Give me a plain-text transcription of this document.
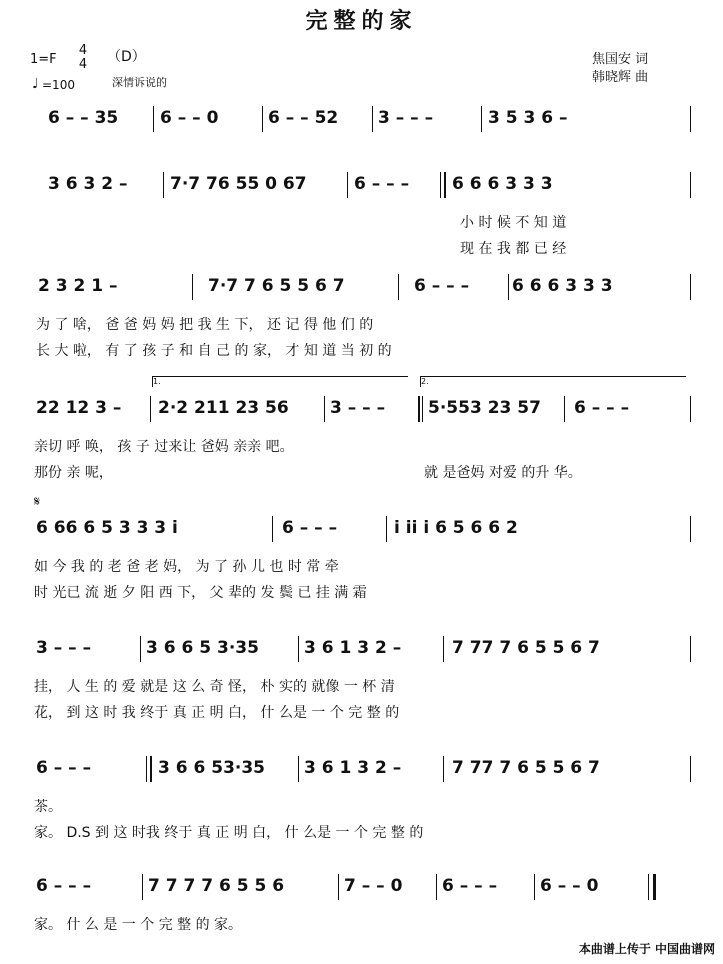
完整的家
1=F
4
4 （D）
♩ =100	深情诉说的
焦国安 词
韩晓辉 曲
6 – – 35 6 – – 0	6 – – 52 3 – – –	3 5 3 6 –
3 6 3 2 –	7·7 76 55 0 67	6 – – –	6 6 6 3 3 3
小 时 候 不 知 道
现 在 我 都 已 经
2 3 2 1 –	7·7 7 6 5 5 6 7	6 – – –	6 6 6 3 3 3
为 了 啥， 爸 爸 妈 妈 把 我 生 下， 还 记 得 他 们 的
长 大 啦， 有 了 孩 子 和 自 己 的 家， 才 知 道 当 初 的
1.	2.
22 12 3 – 2·2 211 23 56 3 – – –	5·553 23 57 6 – – –
亲切 呼 唤， 孩 子 过来让 爸妈 亲亲 吧。
那份 亲 呢，	就 是爸妈 对爱 的升 华。
𝄋
6 66 6 5 3 3 3 i	6 – – –	i ii i 6 5 6 6 2
如 今 我 的 老 爸 老 妈， 为 了 孙 儿 也 时 常 牵
时 光已 流 逝 夕 阳 西 下， 父 辈的 发 鬓 已 挂 满 霜
3 – – –	3 6 6 5 3·35	3 6 1 3 2 –	7 77 7 6 5 5 6 7
挂， 人 生 的 爱 就是 这 么 奇 怪， 朴 实的 就像 一 杯 清
花， 到 这 时 我 终于 真 正 明 白， 什 么是 一 个 完 整 的
6 – – –	3 6 6 53·35 3 6 1 3 2 –	7 77 7 6 5 5 6 7
茶。
家。 D.S 到 这 时我 终于 真 正 明 白， 什 么是 一 个 完 整 的
6 – – –	7 7 7 7 6 5 5 6	7 – – 0 6 – – –	6 – – 0
家。 什 么 是 一 个 完 整 的 家。
本曲谱上传于 中国曲谱网
